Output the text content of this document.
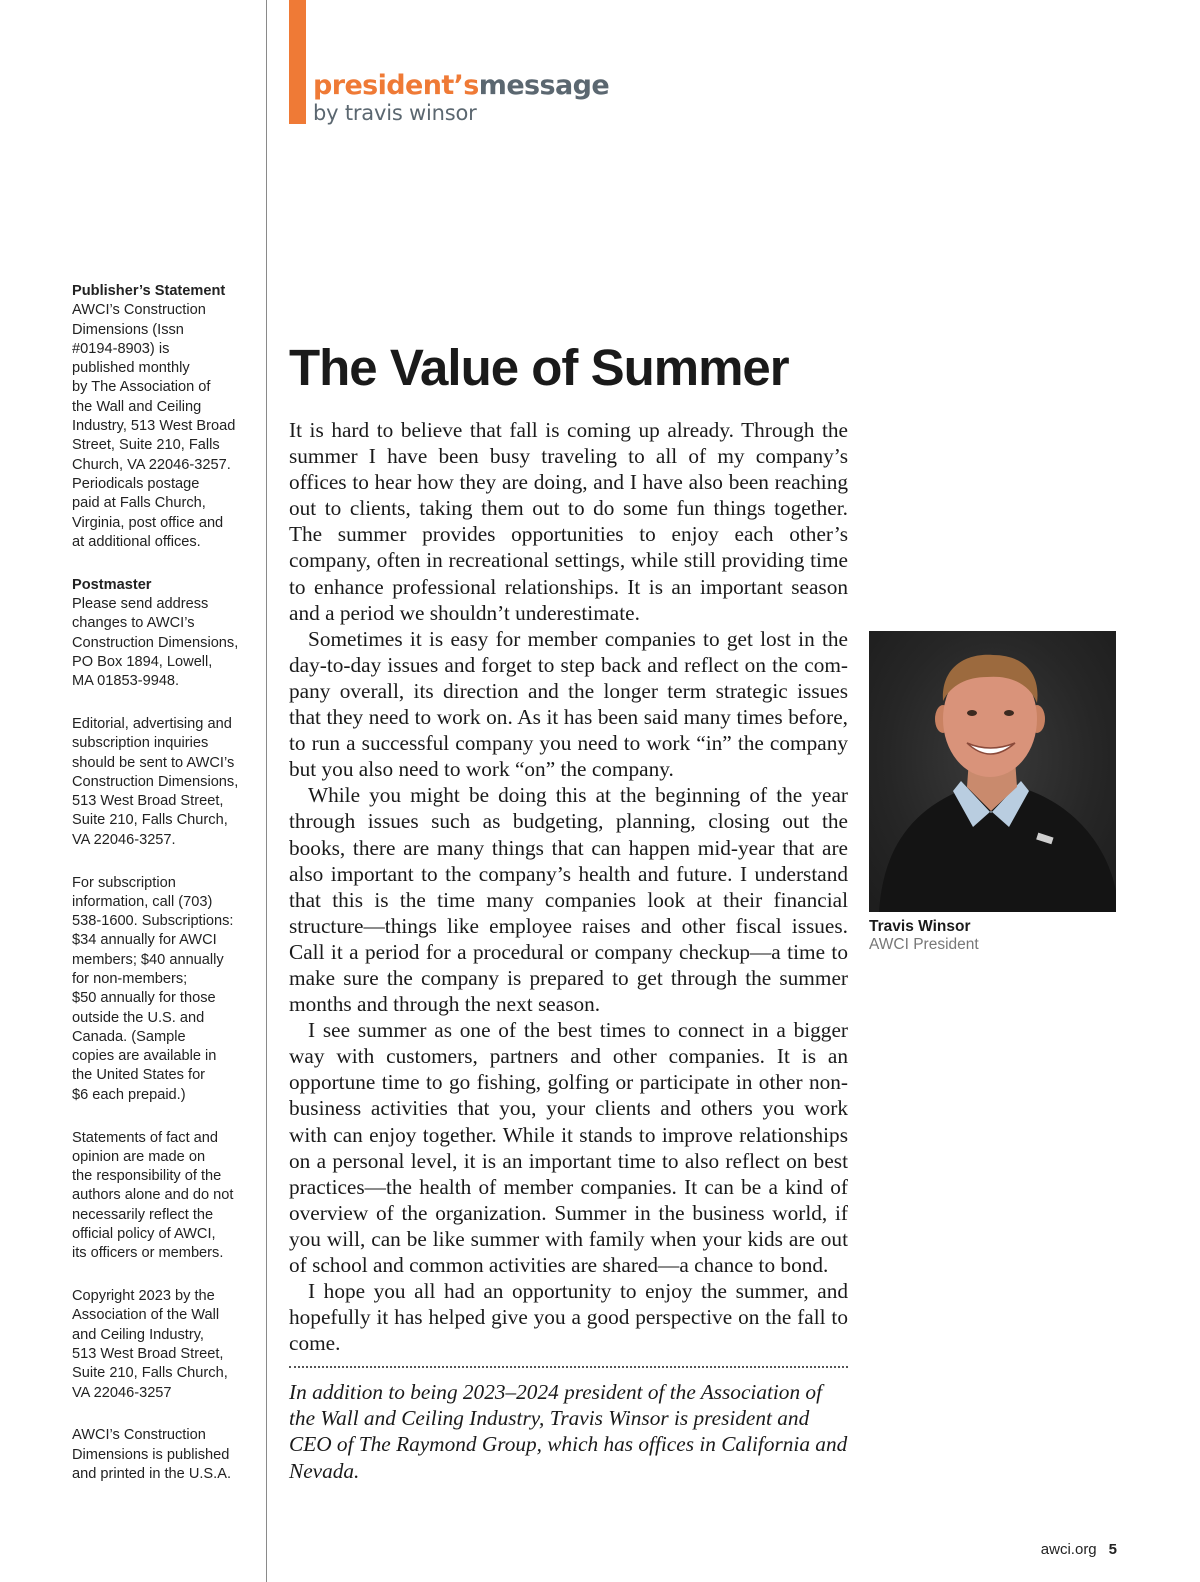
president’smessage
by travis winsor
Publisher’s Statement
AWCI’s Construction
Dimensions (Issn
#0194-8903) is
published monthly
by The Association of
the Wall and Ceiling
Industry, 513 West Broad
Street, Suite 210, Falls
Church, VA 22046-3257.
Periodicals postage
paid at Falls Church,
Virginia, post office and
at additional offices.
Postmaster
Please send address
changes to AWCI’s
Construction Dimensions,
PO Box 1894, Lowell,
MA 01853-9948.
Editorial, advertising and
subscription inquiries
should be sent to AWCI’s
Construction Dimensions,
513 West Broad Street,
Suite 210, Falls Church,
VA 22046-3257.
For subscription
information, call (703)
538-1600. Subscriptions:
$34 annually for AWCI
members; $40 annually
for non-members;
$50 annually for those
outside the U.S. and
Canada. (Sample
copies are available in
the United States for
$6 each prepaid.)
Statements of fact and
opinion are made on
the responsibility of the
authors alone and do not
necessarily reflect the
official policy of AWCI,
its officers or members.
Copyright 2023 by the
Association of the Wall
and Ceiling Industry,
513 West Broad Street,
Suite 210, Falls Church,
VA 22046-3257
AWCI’s Construction
Dimensions is published
and printed in the U.S.A.
The Value of Summer

It is hard to believe that fall is coming up already. Through the summer I have been busy traveling to all of my company’s offices to hear how they are doing, and I have also been reaching out to clients, taking them out to do some fun things together. The summer provides opportunities to enjoy each other’s company, often in recreational settings, while still providing time to enhance professional relationships. It is an important season and a period we shouldn’t underestimate.

Sometimes it is easy for member companies to get lost in the day-to-day issues and forget to step back and reflect on the company overall, its direction and the longer term strategic issues that they need to work on. As it has been said many times before, to run a successful company you need to work “in” the company but you also need to work “on” the company.

While you might be doing this at the beginning of the year through issues such as budgeting, planning, closing out the books, there are many things that can happen mid-year that are also important to the company’s health and future. I understand that this is the time many companies look at their financial structure—things like employee raises and other fiscal issues. Call it a period for a procedural or company checkup—a time to make sure the company is prepared to get through the summer months and through the next season.

I see summer as one of the best times to connect in a bigger way with customers, partners and other companies. It is an opportune time to go fishing, golfing or participate in other non-business activities that you, your clients and others you work with can enjoy together. While it stands to improve relationships on a personal level, it is an important time to also reflect on best practices—the health of member companies. It can be a kind of overview of the organization. Summer in the business world, if you will, can be like summer with family when your kids are out of school and common activities are shared—a chance to bond.

I hope you all had an opportunity to enjoy the summer, and hopefully it has helped give you a good perspective on the fall to come.

In addition to being 2023–2024 president of the Association of the Wall and Ceiling Industry, Travis Winsor is president and CEO of The Raymond Group, which has offices in California and Nevada.
Travis Winsor
AWCI President
awci.org 5
